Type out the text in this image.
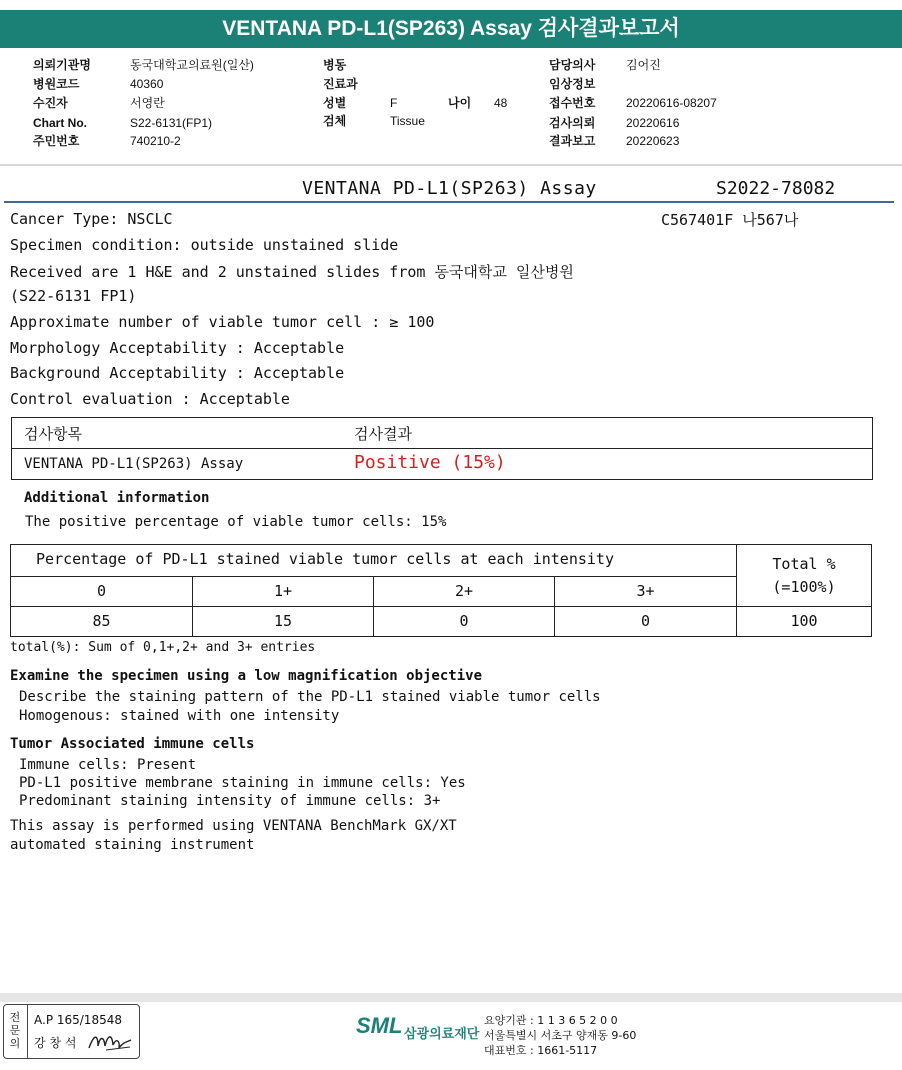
VENTANA PD-L1(SP263) Assay 검사결과보고서
의뢰기관명	동국대학교의료원(일산)
병원코드	40360
수진자	서영란
Chart No.	S22-6131(FP1)
주민번호	740210-2
병동
진료과
성별	F	나이 48
검체	Tissue
담당의사	김어진
임상정보
접수번호	20220616-08207
검사의뢰	20220616
결과보고	20220623
VENTANA PD-L1(SP263) Assay	S2022-78082
C567401F 나567나
Cancer Type: NSCLC
Specimen condition: outside unstained slide
Received are 1 H&E and 2 unstained slides from 동국대학교 일산병원
(S22-6131 FP1)
Approximate number of viable tumor cell : ≥ 100
Morphology Acceptability : Acceptable
Background Acceptability : Acceptable
Control evaluation : Acceptable
검사항목	검사결과
VENTANA PD-L1(SP263) Assay	Positive (15%)
Additional information
The positive percentage of viable tumor cells: 15%
Percentage of PD-L1 stained viable tumor cells at each intensity	Total %
(=100%)
0	1+	2+	3+
85	15	0	0	100
total(%): Sum of 0,1+,2+ and 3+ entries
Examine the specimen using a low magnification objective
Describe the staining pattern of the PD-L1 stained viable tumor cells
Homogenous: stained with one intensity
Tumor Associated immune cells
Immune cells: Present
PD-L1 positive membrane staining in immune cells: Yes
Predominant staining intensity of immune cells: 3+
This assay is performed using VENTANA BenchMark GX/XT
automated staining instrument
전문의
A.P 165/18548
강 창 석
SML 삼광의료재단
요양기관 : 1 1 3 6 5 2 0 0
서울특별시 서초구 양재동 9-60
대표번호 : 1661-5117
